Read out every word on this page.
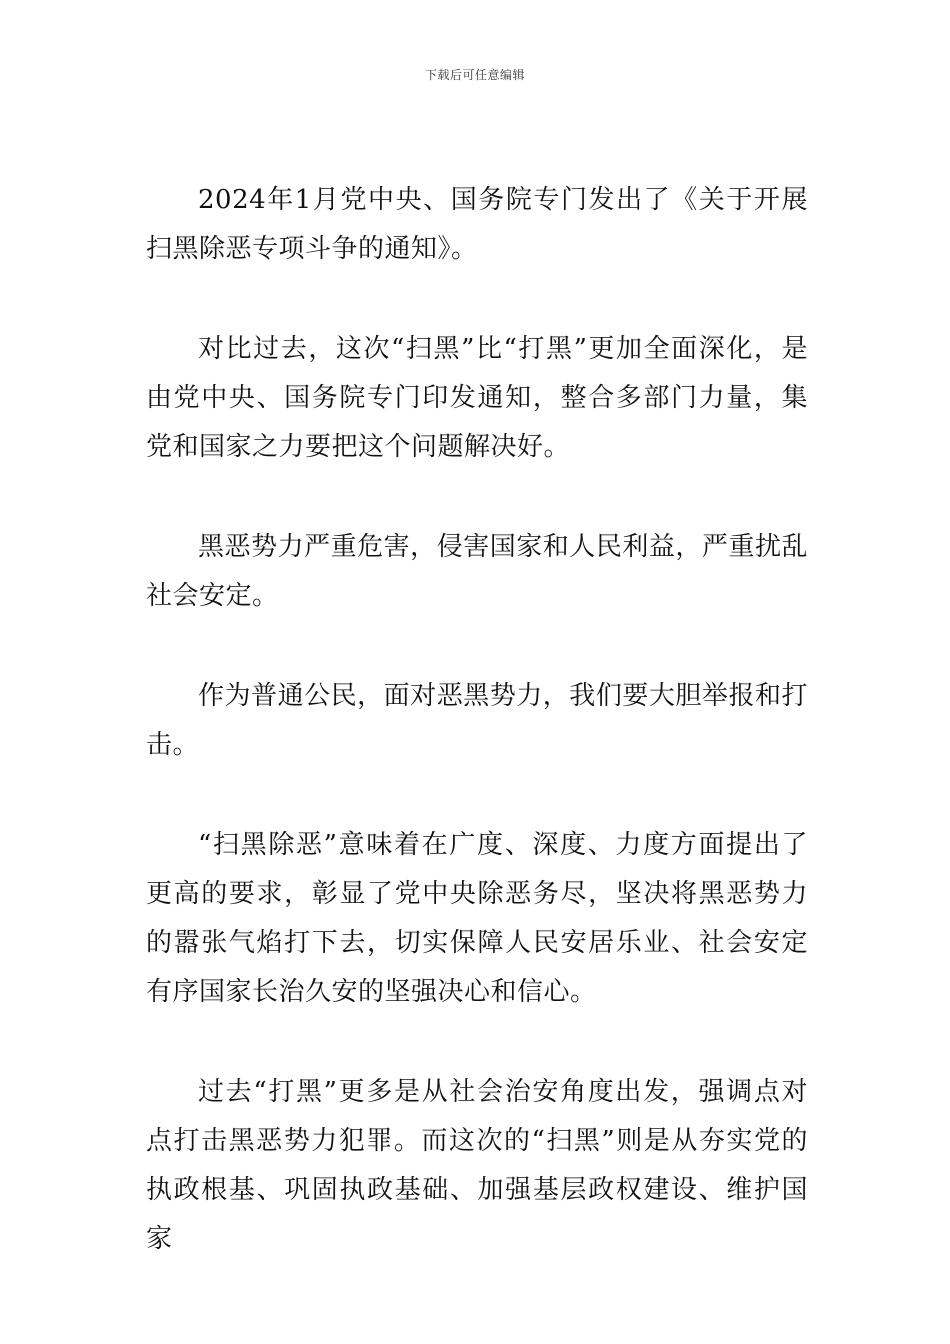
下载后可任意编辑

2024年1月党中央、国务院专门发出了《关于开展扫黑除恶专项斗争的通知》。

对比过去，这次“扫黑”比“打黑”更加全面深化，是由党中央、国务院专门印发通知，整合多部门力量，集党和国家之力要把这个问题解决好。

黑恶势力严重危害，侵害国家和人民利益，严重扰乱社会安定。

作为普通公民，面对恶黑势力，我们要大胆举报和打击。

“扫黑除恶”意味着在广度、深度、力度方面提出了更高的要求，彰显了党中央除恶务尽，坚决将黑恶势力的嚣张气焰打下去，切实保障人民安居乐业、社会安定有序国家长治久安的坚强决心和信心。

过去“打黑”更多是从社会治安角度出发，强调点对点打击黑恶势力犯罪。而这次的“扫黑”则是从夯实党的执政根基、巩固执政基础、加强基层政权建设、维护国家
